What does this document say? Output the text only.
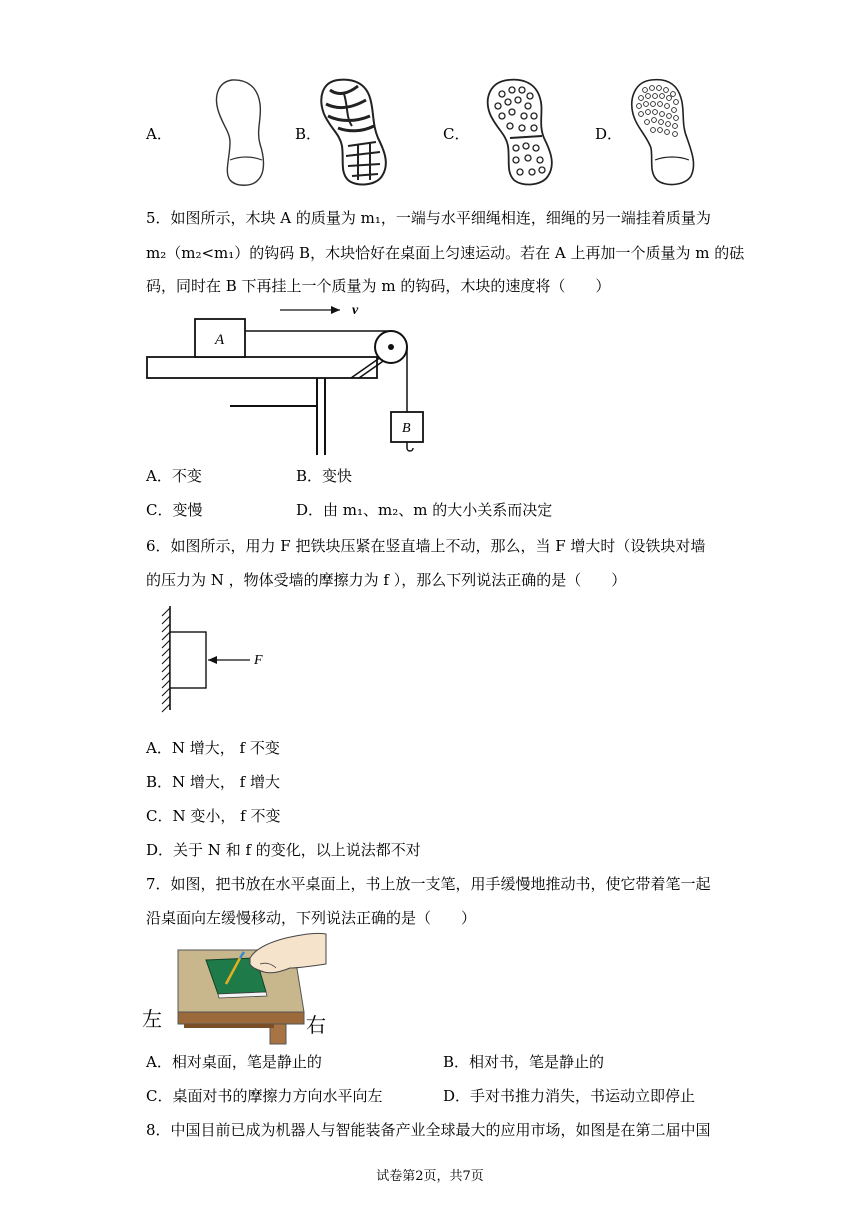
A．	B．	C．	D．
5．如图所示，木块 A 的质量为 m₁，一端与水平细绳相连，细绳的另一端挂着质量为
m₂（m₂<m₁）的钩码 B，木块恰好在桌面上匀速运动。若在 A 上再加一个质量为 m 的砝
码，同时在 B 下再挂上一个质量为 m 的钩码，木块的速度将（　　）
A
B
v
A．不变	B．变快
C．变慢	D．由 m₁、m₂、m 的大小关系而决定
6．如图所示，用力 F 把铁块压紧在竖直墙上不动，那么，当 F 增大时（设铁块对墙
的压力为 N ，物体受墙的摩擦力为 f ），那么下列说法正确的是（　　）
F
A．N 增大， f 不变
B．N 增大， f 增大
C．N 变小， f 不变
D．关于 N 和 f 的变化，以上说法都不对
7．如图，把书放在水平桌面上，书上放一支笔，用手缓慢地推动书，使它带着笔一起
沿桌面向左缓慢移动，下列说法正确的是（　　）
左	右
A．相对桌面，笔是静止的	B．相对书，笔是静止的
C．桌面对书的摩擦力方向水平向左	D．手对书推力消失，书运动立即停止
8．中国目前已成为机器人与智能装备产业全球最大的应用市场，如图是在第二届中国
试卷第2页，共7页
